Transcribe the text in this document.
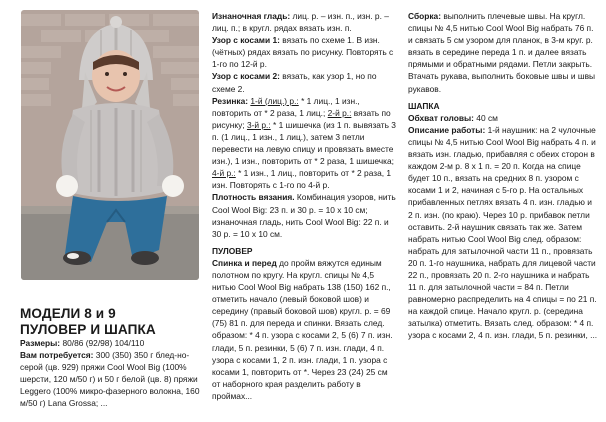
МОДЕЛИ 8 и 9
ПУЛОВЕР И ШАПКА

Размеры: 80/86 (92/98) 104/110

Вам потребуется: 300 (350) 350 г блед-но-серой (цв. 929) пряжи Cool Wool Big (100% шерсти, 120 м/50 г) и 50 г белой (цв. 8) пряжи Leggero (100% микро-фазерного волокна, 160 м/50 г) Lana Grossa; ...

Изнаночная гладь: лиц. р. – изн. п., изн. р. – лиц. п.; в кругл. рядах вязать изн. п.

Узор с косами 1: вязать по схеме 1. В изн. (чётных) рядах вязать по рисунку. Повторять с 1-го по 12-й р.

Узор с косами 2: вязать, как узор 1, но по схеме 2.

Резинка: 1-й (лиц.) р.: * 1 лиц., 1 изн., повторить от * 2 раза, 1 лиц.; 2-й р.: вязать по рисунку; 3-й р.: * 1 шишечка (из 1 п. вывязать 3 п. (1 лиц., 1 изн., 1 лиц.), затем 3 петли перевести на левую спицу и провязать вместе изн.), 1 изн., повторить от * 2 раза, 1 шишечка; 4-й р.: * 1 изн., 1 лиц., повторить от * 2 раза, 1 изн. Повторять с 1-го по 4-й р.

Плотность вязания. Комбинация узоров, нить Cool Wool Big: 23 п. и 30 р. = 10 x 10 см; изнаночная гладь, нить Cool Wool Big: 22 п. и 30 р. = 10 x 10 см.

ПУЛОВЕР

Спинка и перед до пройм вяжутся единым полотном по кругу. На кругл. спицы № 4,5 нитью Cool Wool Big набрать 138 (150) 162 п., отметить начало (левый боковой шов) и середину (правый боковой шов) кругл. р. = 69 (75) 81 п. для переда и спинки. Вязать след. образом: * 4 п. узора с косами 2, 5 (6) 7 п. изн. глади, 5 п. резинки, 5 (6) 7 п. изн. глади, 4 п. узора с косами 1, 2 п. изн. глади, 1 п. узора с косами 1, повторить от *. Через 23 (24) 25 см от наборного края разделить работу в проймах...

Сборка: выполнить плечевые швы. На кругл. спицы № 4,5 нитью Cool Wool Big набрать 76 п. и связать 5 см узором для планок, в 3-м круг. р. вязать в середине переда 1 п. и далее вязать прямыми и обратными рядами. Петли закрыть. Втачать рукава, выполнить боковые швы и швы рукавов.

ШАПКА

Обхват головы: 40 см

Описание работы: 1-й наушник: на 2 чулочные спицы № 4,5 нитью Cool Wool Big набрать 4 п. и вязать изн. гладью, прибавляя с обеих сторон в каждом 2-м р. 8 x 1 п. = 20 п. Когда на спице будет 10 п., вязать на средних 8 п. узором с косами 1 и 2, начиная с 5-го р. На остальных прибавленных петлях вязать 4 п. изн. гладью и 2 п. изн. (по краю). Через 10 р. прибавок петли оставить. 2-й наушник связать так же. Затем набрать нитью Cool Wool Big след. образом: набрать для затылочной части 11 п., провязать 20 п. 1-го наушника, набрать для лицевой части 22 п., провязать 20 п. 2-го наушника и набрать 11 п. для затылочной части = 84 п. Петли равномерно распределить на 4 спицы = по 21 п. на каждой спице. Начало кругл. р. (середина затылка) отметить. Вязать след. образом: * 4 п. узора с косами 2, 4 п. изн. глади, 5 п. резинки, ...
